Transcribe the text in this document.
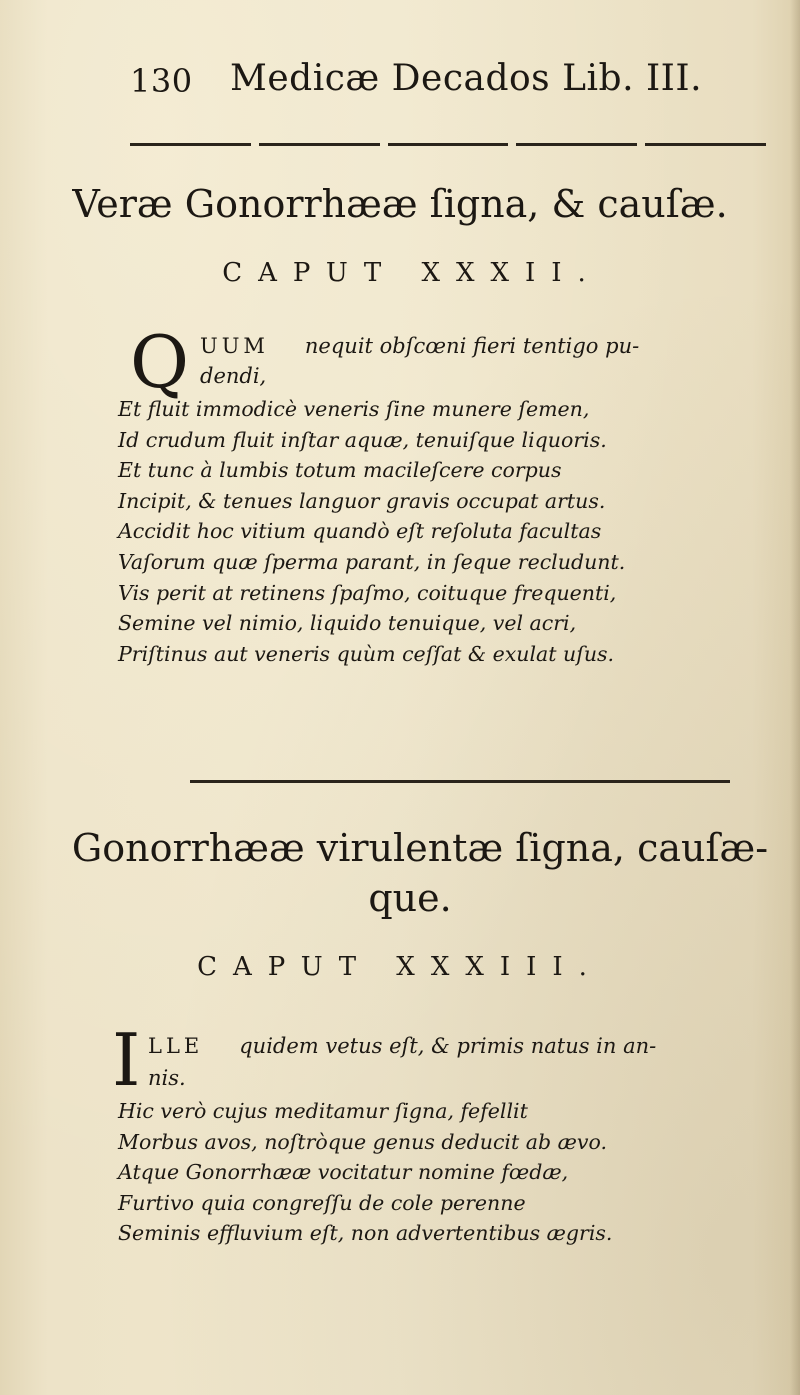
130 Medicæ Decados Lib. III.
Veræ Gonorrhææ ſigna, & cauſæ.
CAPUT XXXII.
Q UUM nequit obſcœni fieri tentigo pu-
dendi,
Et fluit immodicè veneris ſine munere ſemen,
Id crudum fluit inſtar aquæ, tenuiſque liquoris.
Et tunc à lumbis totum macileſcere corpus
Incipit, & tenues languor gravis occupat artus.
Accidit hoc vitium quandò eſt reſoluta facultas
Vaſorum quæ ſperma parant, in ſeque recludunt.
Vis perit at retinens ſpaſmo, coituque frequenti,
Semine vel nimio, liquido tenuique, vel acri,
Priſtinus aut veneris quùm ceſſat & exulat uſus.
Gonorrhææ virulentæ ſigna, cauſæ-
que.
CAPUT XXXIII.
I LLE quidem vetus eſt, & primis natus in an-
nis.
Hic verò cujus meditamur ſigna, fefellit
Morbus avos, noſtròque genus deducit ab ævo.
Atque Gonorrhææ vocitatur nomine fœdæ,
Furtivo quia congreſſu de cole perenne
Seminis effluvium eſt, non advertentibus ægris.
